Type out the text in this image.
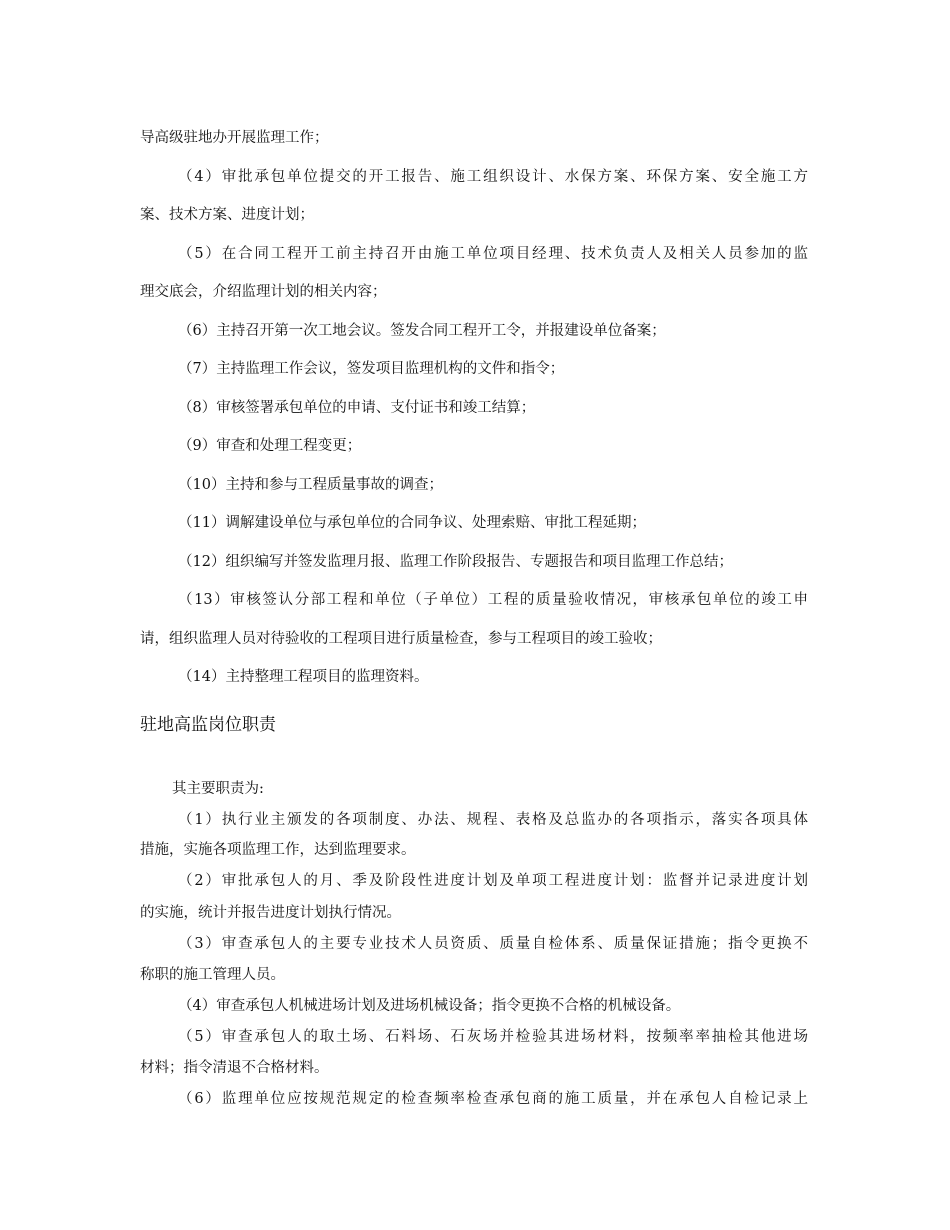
导高级驻地办开展监理工作；
（4）审批承包单位提交的开工报告、施工组织设计、水保方案、环保方案、安全施工方
案、技术方案、进度计划；
（5）在合同工程开工前主持召开由施工单位项目经理、技术负责人及相关人员参加的监
理交底会，介绍监理计划的相关内容；
（6）主持召开第一次工地会议。签发合同工程开工令，并报建设单位备案；
（7）主持监理工作会议，签发项目监理机构的文件和指令；
（8）审核签署承包单位的申请、支付证书和竣工结算；
（9）审查和处理工程变更；
（10）主持和参与工程质量事故的调查；
（11）调解建设单位与承包单位的合同争议、处理索赔、审批工程延期；
（12）组织编写并签发监理月报、监理工作阶段报告、专题报告和项目监理工作总结；
（13）审核签认分部工程和单位（子单位）工程的质量验收情况，审核承包单位的竣工申
请，组织监理人员对待验收的工程项目进行质量检查，参与工程项目的竣工验收；
（14）主持整理工程项目的监理资料。
驻地高监岗位职责
其主要职责为:
（1）执行业主颁发的各项制度、办法、规程、表格及总监办的各项指示，落实各项具体
措施，实施各项监理工作，达到监理要求。
（2）审批承包人的月、季及阶段性进度计划及单项工程进度计划：监督并记录进度计划
的实施，统计并报告进度计划执行情况。
（3）审查承包人的主要专业技术人员资质、质量自检体系、质量保证措施；指令更换不
称职的施工管理人员。
（4）审查承包人机械进场计划及进场机械设备；指令更换不合格的机械设备。
（5）审查承包人的取土场、石料场、石灰场并检验其进场材料，按频率率抽检其他进场
材料；指令清退不合格材料。
（6）监理单位应按规范规定的检查频率检查承包商的施工质量，并在承包人自检记录上
